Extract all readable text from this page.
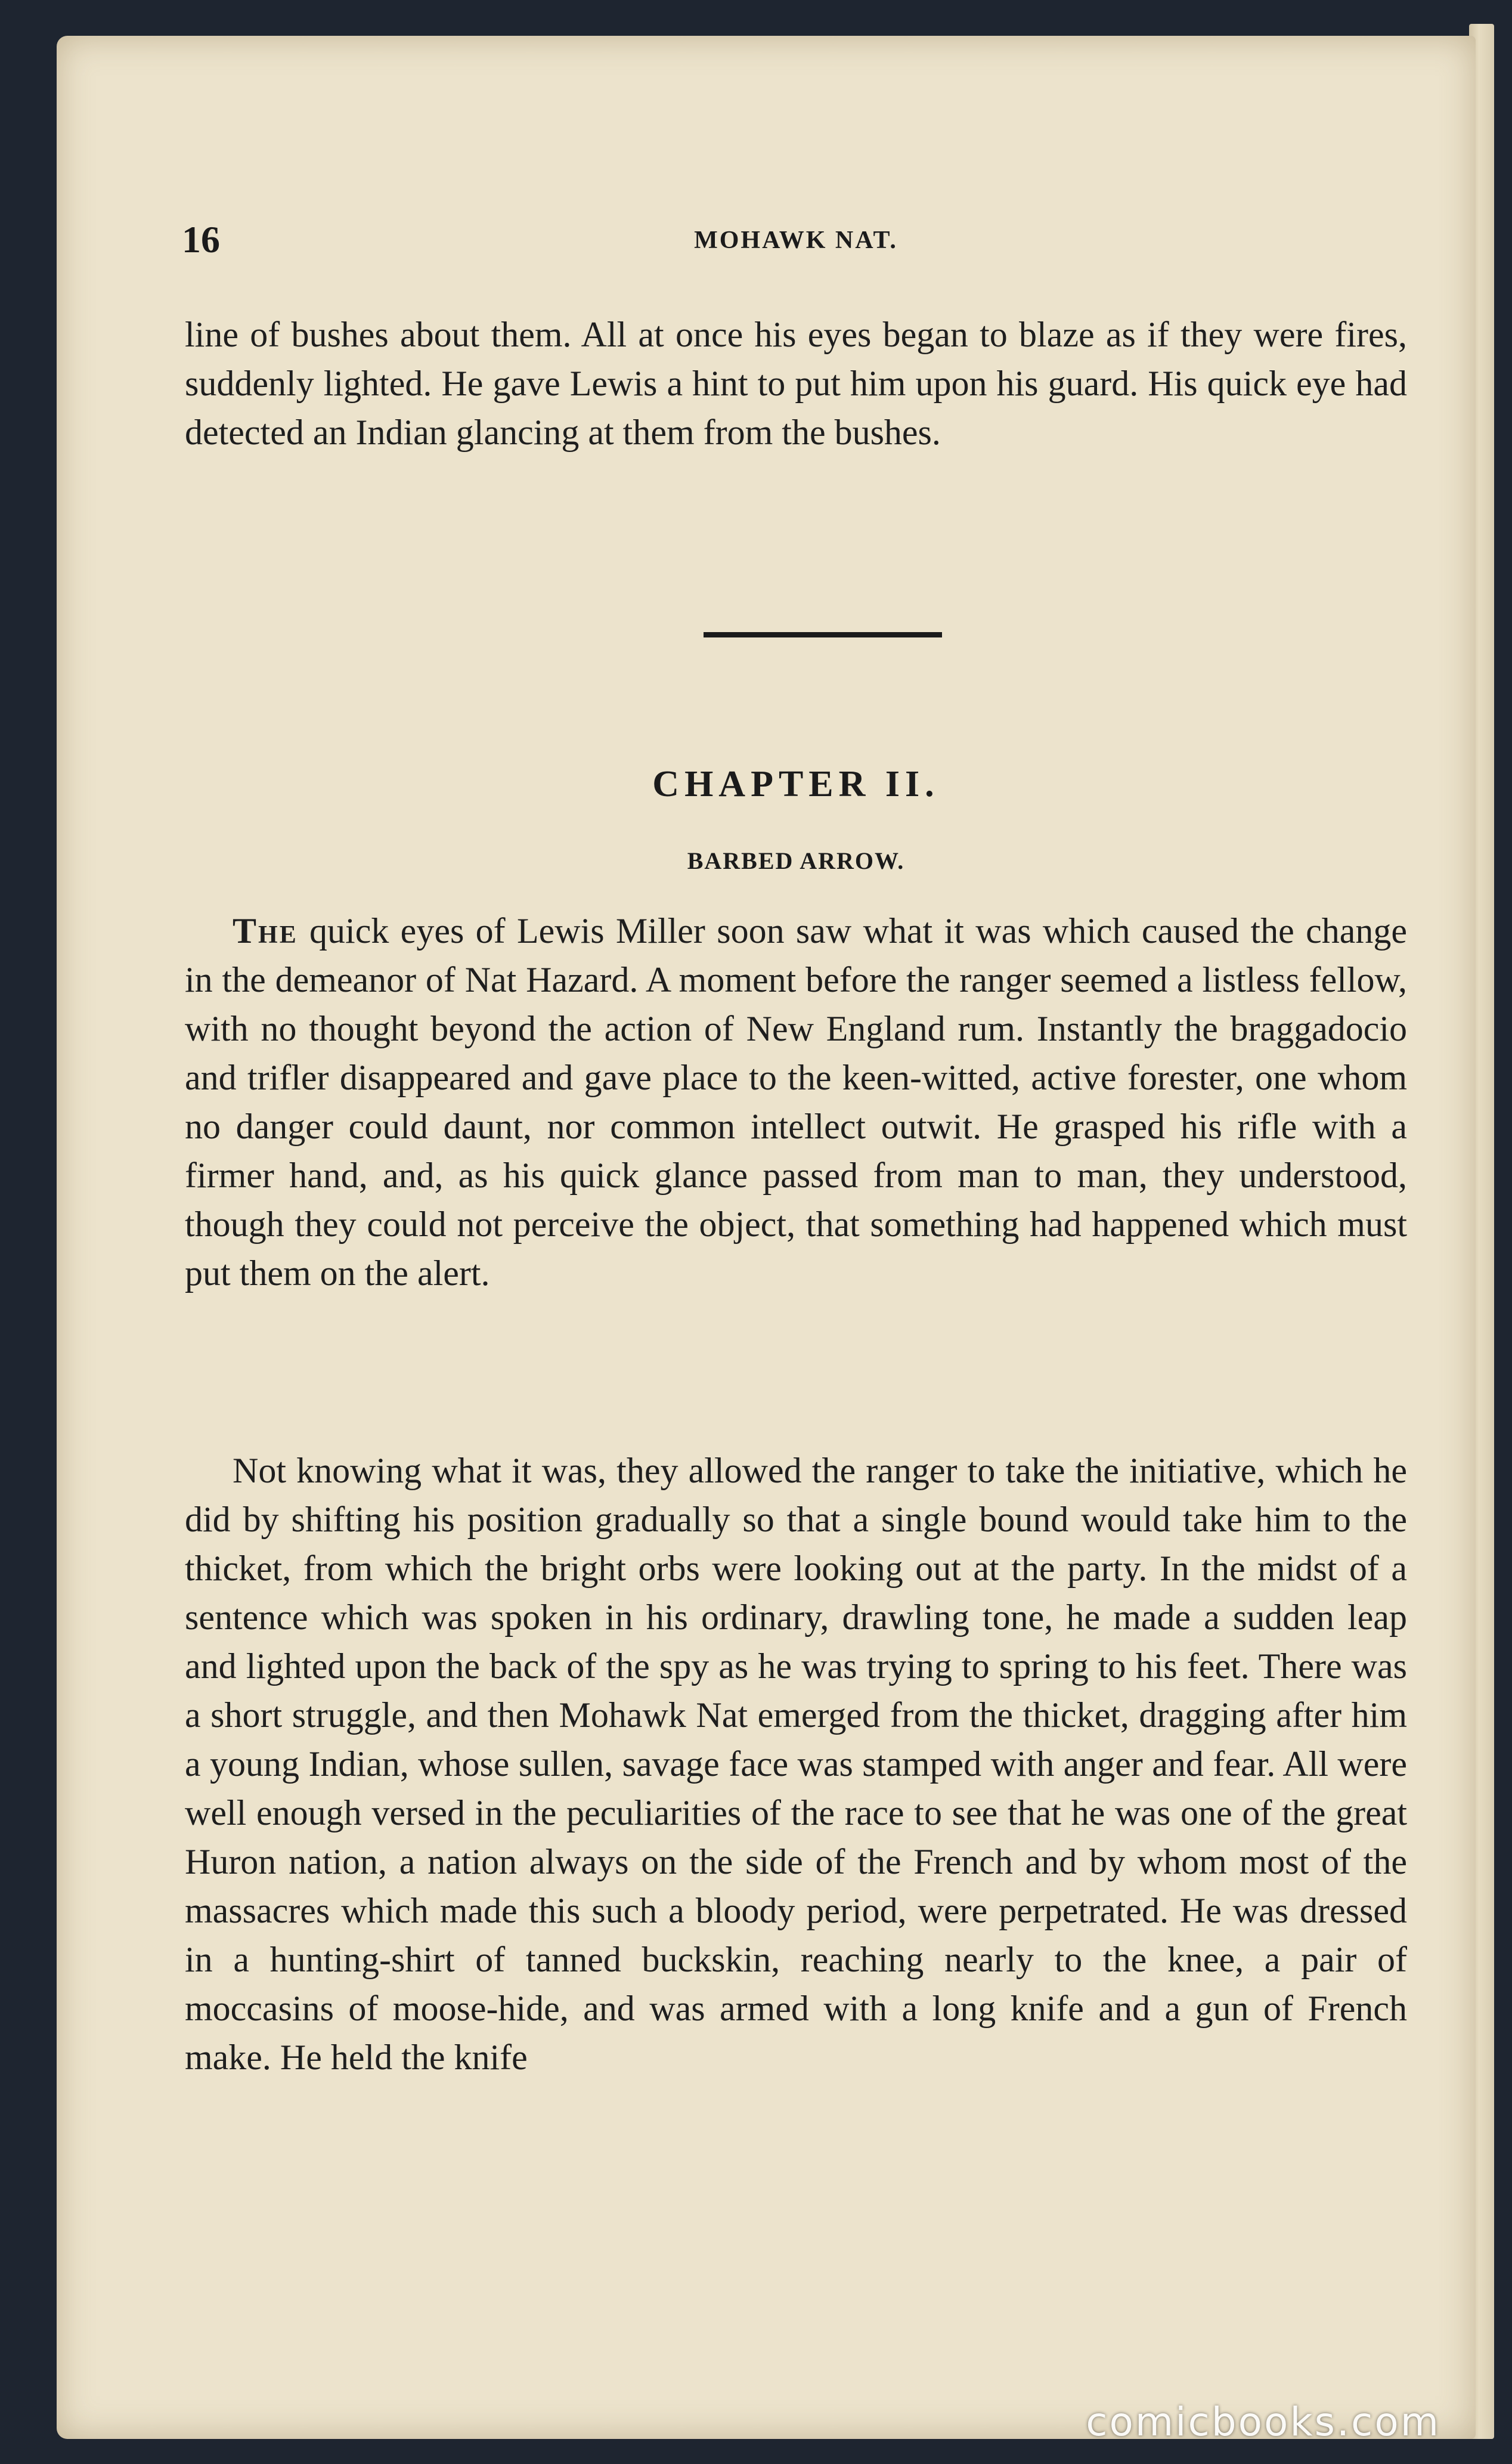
16	MOHAWK NAT.

line of bushes about them. All at once his eyes began to blaze as if they were fires, suddenly lighted. He gave Lewis a hint to put him upon his guard. His quick eye had detected an Indian glancing at them from the bushes.

CHAPTER II.
BARBED ARROW.

The quick eyes of Lewis Miller soon saw what it was which caused the change in the demeanor of Nat Hazard. A moment before the ranger seemed a listless fellow, with no thought beyond the action of New England rum. Instantly the braggadocio and trifler disappeared and gave place to the keen-witted, active forester, one whom no danger could daunt, nor common intellect outwit. He grasped his rifle with a firmer hand, and, as his quick glance passed from man to man, they understood, though they could not perceive the object, that something had happened which must put them on the alert.

Not knowing what it was, they allowed the ranger to take the initiative, which he did by shifting his position gradually so that a single bound would take him to the thicket, from which the bright orbs were looking out at the party. In the midst of a sentence which was spoken in his ordinary, drawling tone, he made a sudden leap and lighted upon the back of the spy as he was trying to spring to his feet. There was a short struggle, and then Mohawk Nat emerged from the thicket, dragging after him a young Indian, whose sullen, savage face was stamped with anger and fear. All were well enough versed in the peculiarities of the race to see that he was one of the great Huron nation, a nation always on the side of the French and by whom most of the massacres which made this such a bloody period, were perpetrated. He was dressed in a hunting-shirt of tanned buckskin, reaching nearly to the knee, a pair of moccasins of moose-hide, and was armed with a long knife and a gun of French make. He held the knife

comicbooks.com
